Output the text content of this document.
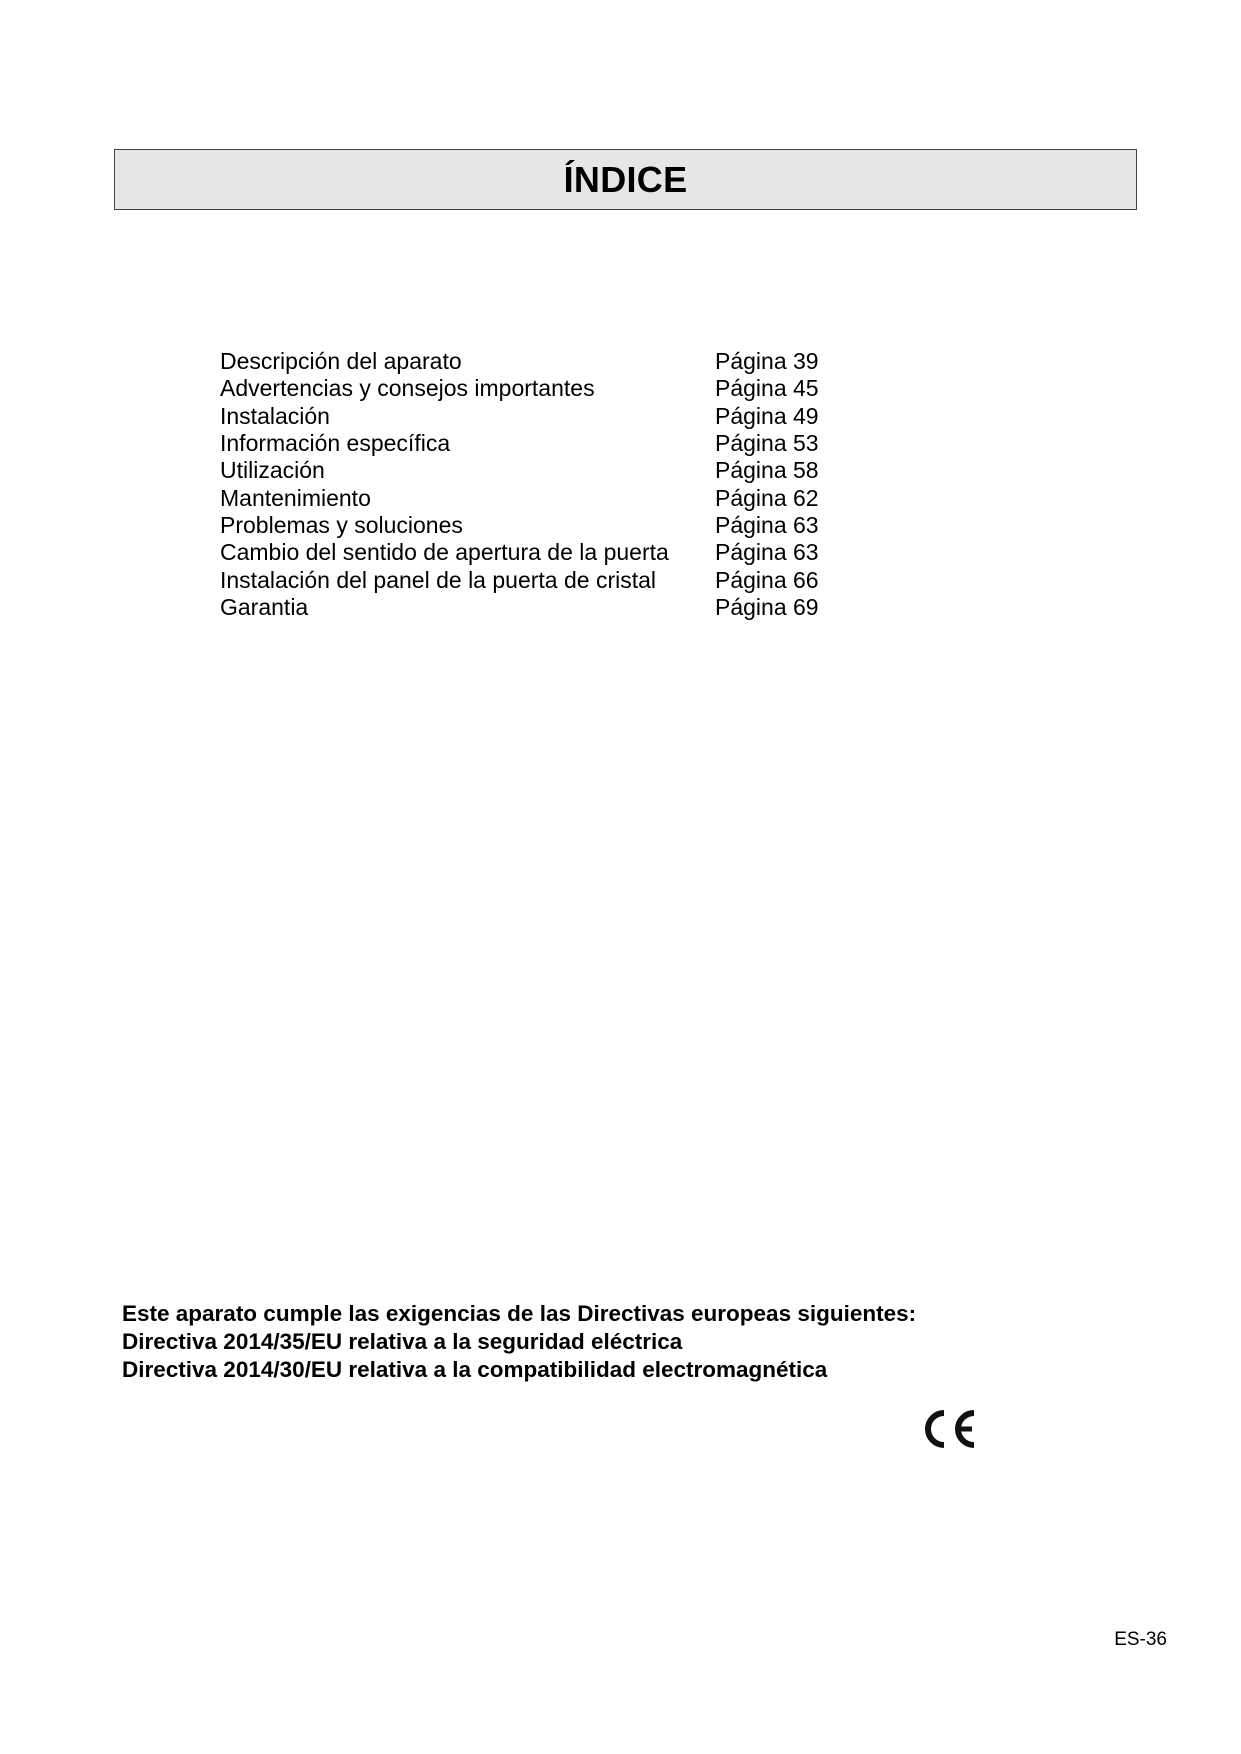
ÍNDICE
Descripción del aparato	Página 39
Advertencias y consejos importantes	Página 45
Instalación	Página 49
Información específica	Página 53
Utilización	Página 58
Mantenimiento	Página 62
Problemas y soluciones	Página 63
Cambio del sentido de apertura de la puerta	Página 63
Instalación del panel de la puerta de cristal	Página 66
Garantia	Página 69
Este aparato cumple las exigencias de las Directivas europeas siguientes:
Directiva 2014/35/EU relativa a la seguridad eléctrica
Directiva 2014/30/EU relativa a la compatibilidad electromagnética
ES-36
